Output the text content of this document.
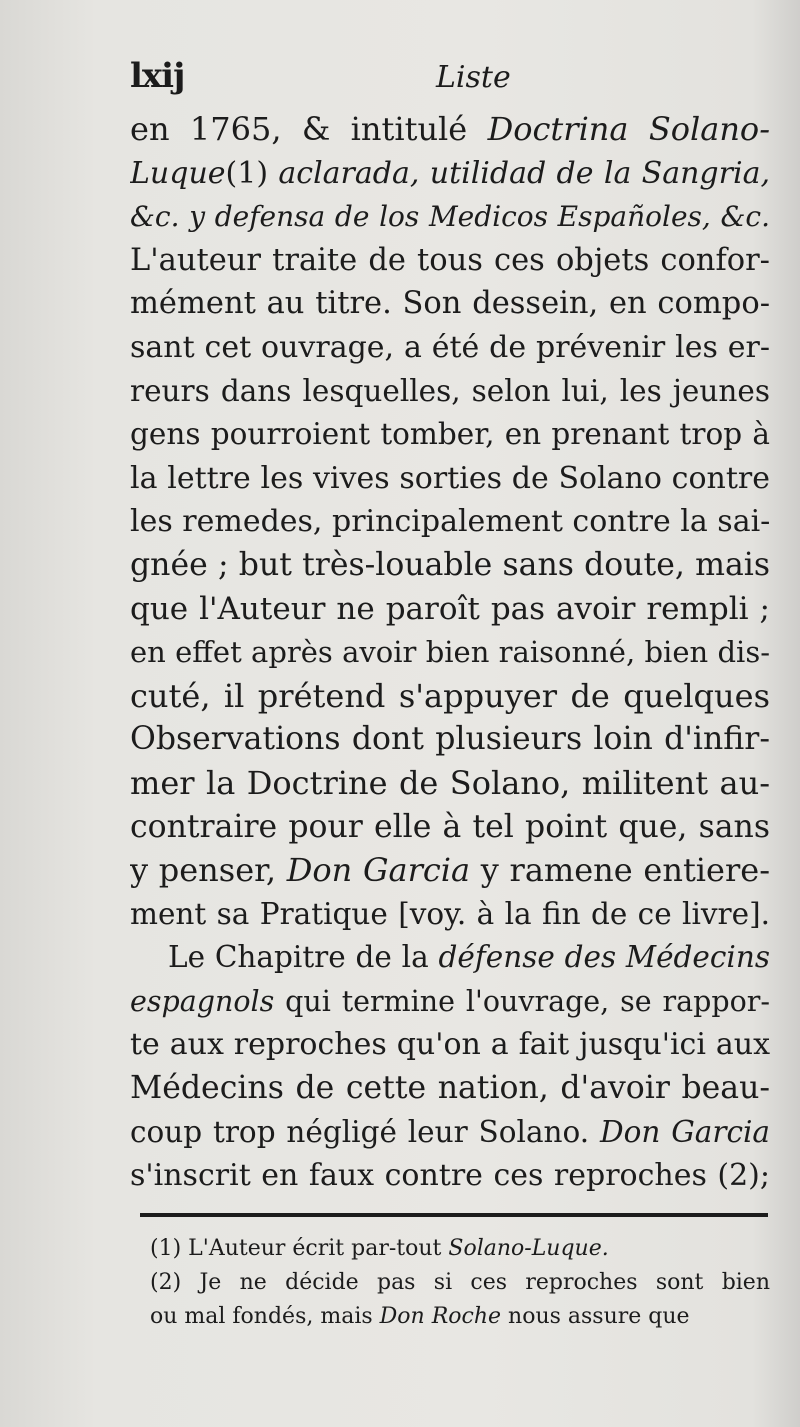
lxij	Liste
en 1765, & intitulé Doctrina Solano-
Luque(1) aclarada, utilidad de la Sangria,
&c. y defensa de los Medicos Españoles, &c.
L'auteur traite de tous ces objets confor-
mément au titre. Son dessein, en compo-
sant cet ouvrage, a été de prévenir les er-
reurs dans lesquelles, selon lui, les jeunes
gens pourroient tomber, en prenant trop à
la lettre les vives sorties de Solano contre
les remedes, principalement contre la sai-
gnée ; but très-louable sans doute, mais
que l'Auteur ne paroît pas avoir rempli ;
en effet après avoir bien raisonné, bien dis-
cuté, il prétend s'appuyer de quelques
Observations dont plusieurs loin d'infir-
mer la Doctrine de Solano, militent au-
contraire pour elle à tel point que, sans
y penser, Don Garcia y ramene entiere-
ment sa Pratique [voy. à la fin de ce livre].
Le Chapitre de la défense des Médecins
espagnols qui termine l'ouvrage, se rappor-
te aux reproches qu'on a fait jusqu'ici aux
Médecins de cette nation, d'avoir beau-
coup trop négligé leur Solano. Don Garcia
s'inscrit en faux contre ces reproches (2);
(1) L'Auteur écrit par-tout Solano-Luque.
(2) Je ne décide pas si ces reproches sont bien
ou mal fondés, mais Don Roche nous assure que
